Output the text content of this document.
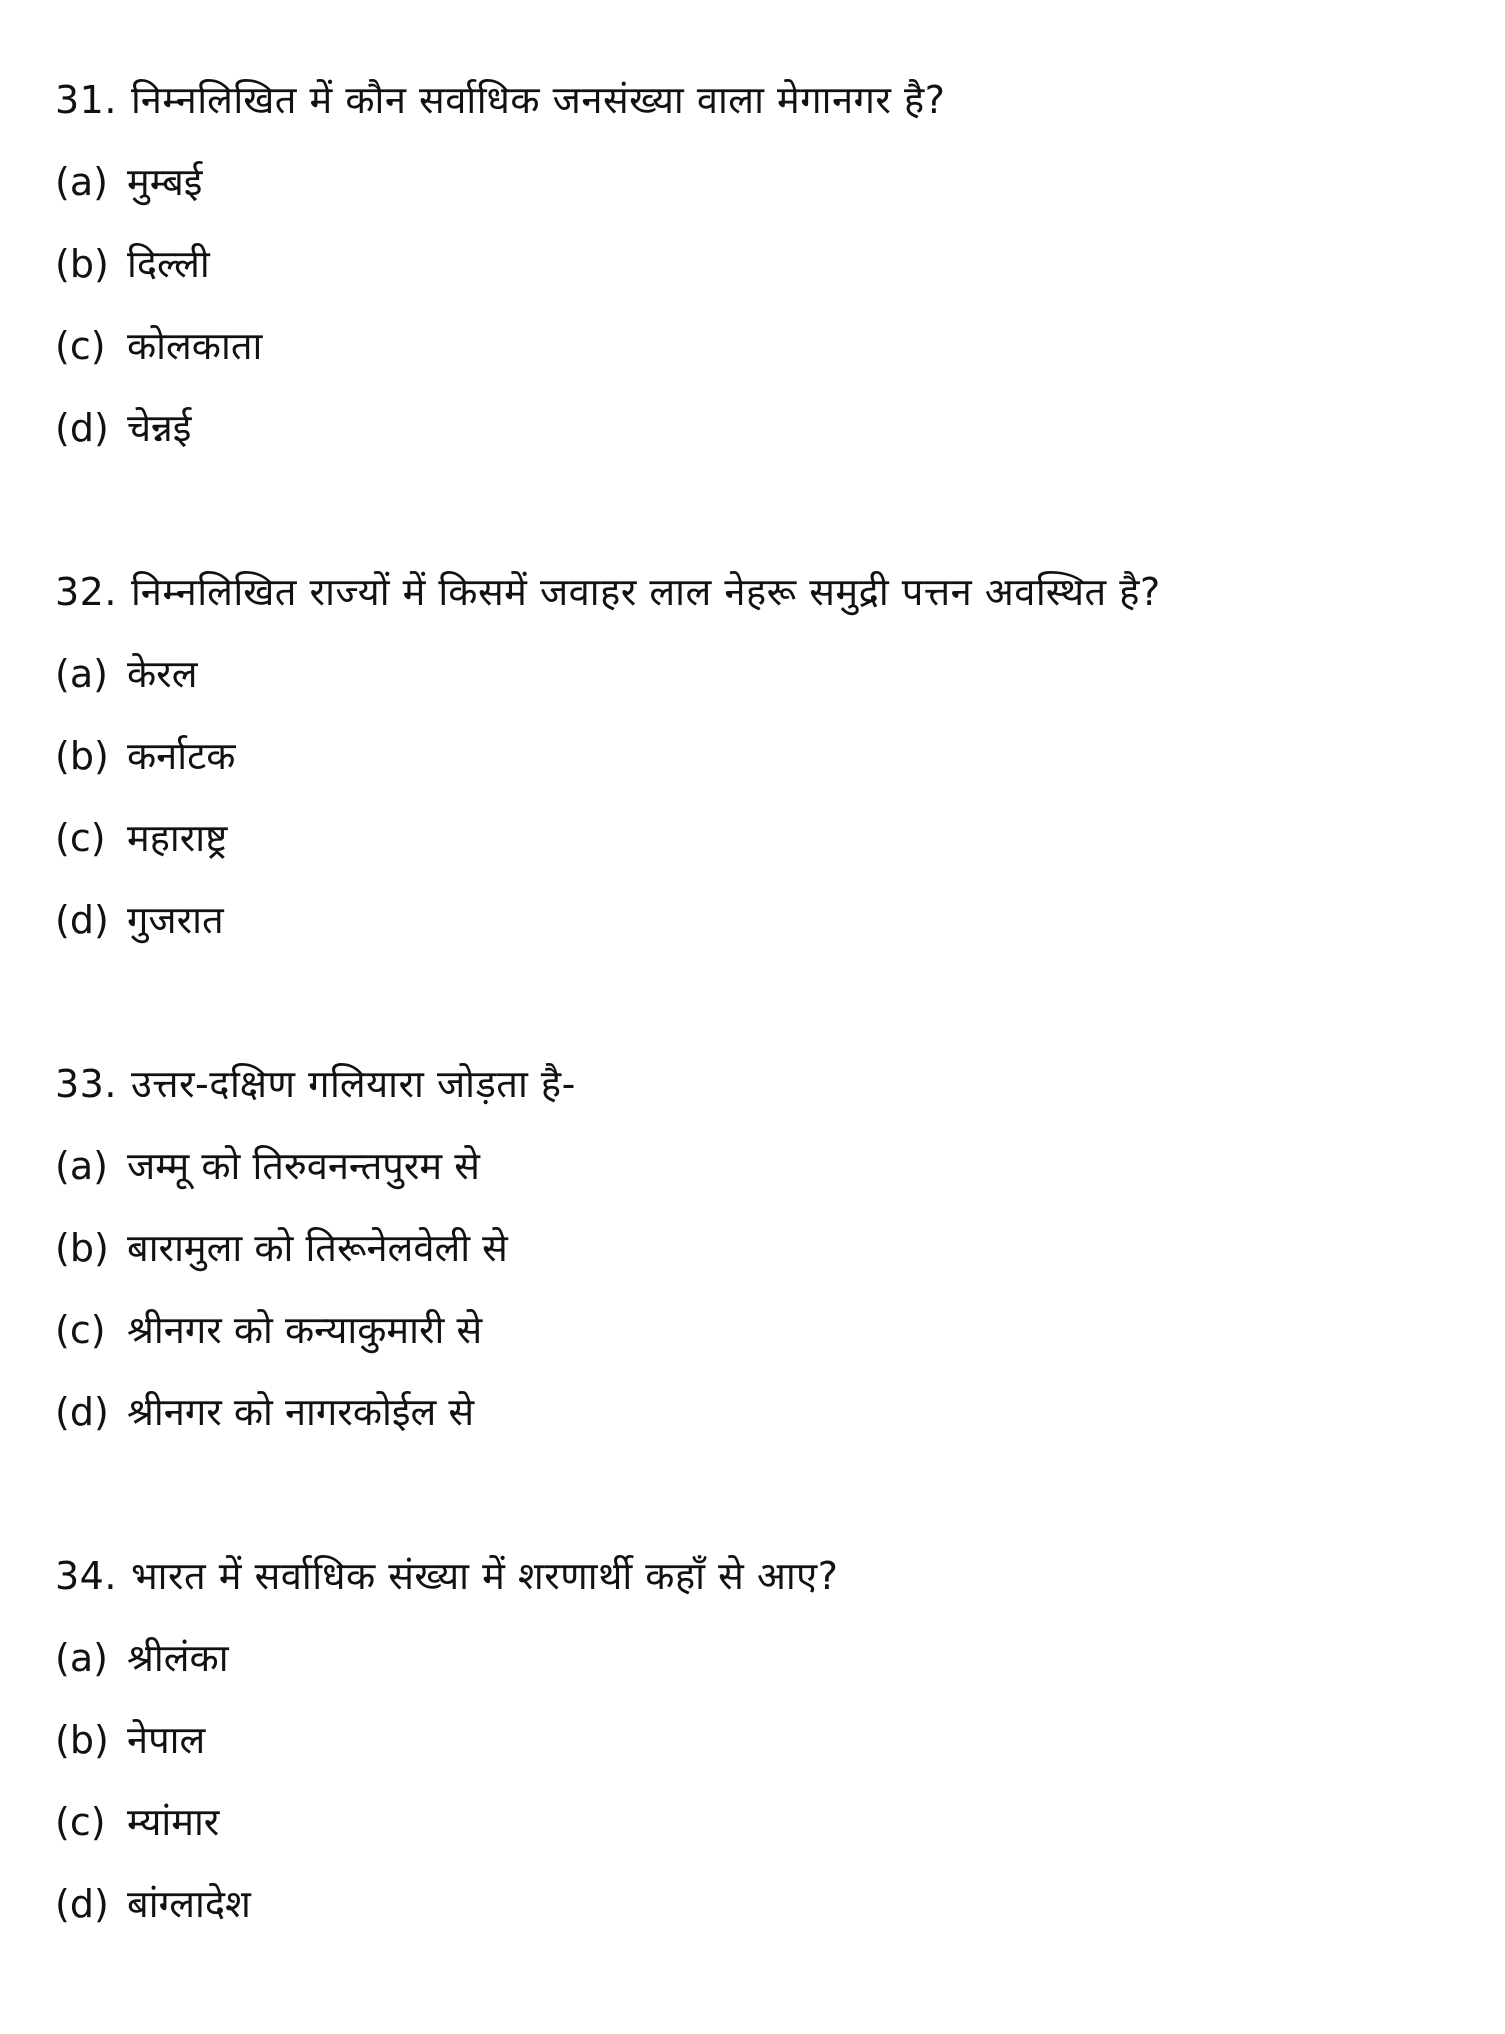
31. निम्नलिखित में कौन सर्वाधिक जनसंख्या वाला मेगानगर है?
(a) मुम्बई
(b) दिल्ली
(c) कोलकाता
(d) चेन्नई
32. निम्नलिखित राज्यों में किसमें जवाहर लाल नेहरू समुद्री पत्तन अवस्थित है?
(a) केरल
(b) कर्नाटक
(c) महाराष्ट्र
(d) गुजरात
33. उत्तर-दक्षिण गलियारा जोड़ता है-
(a) जम्मू को तिरुवनन्तपुरम से
(b) बारामुला को तिरूनेलवेली से
(c) श्रीनगर को कन्याकुमारी से
(d) श्रीनगर को नागरकोईल से
34. भारत में सर्वाधिक संख्या में शरणार्थी कहाँ से आए?
(a) श्रीलंका
(b) नेपाल
(c) म्यांमार
(d) बांग्लादेश
